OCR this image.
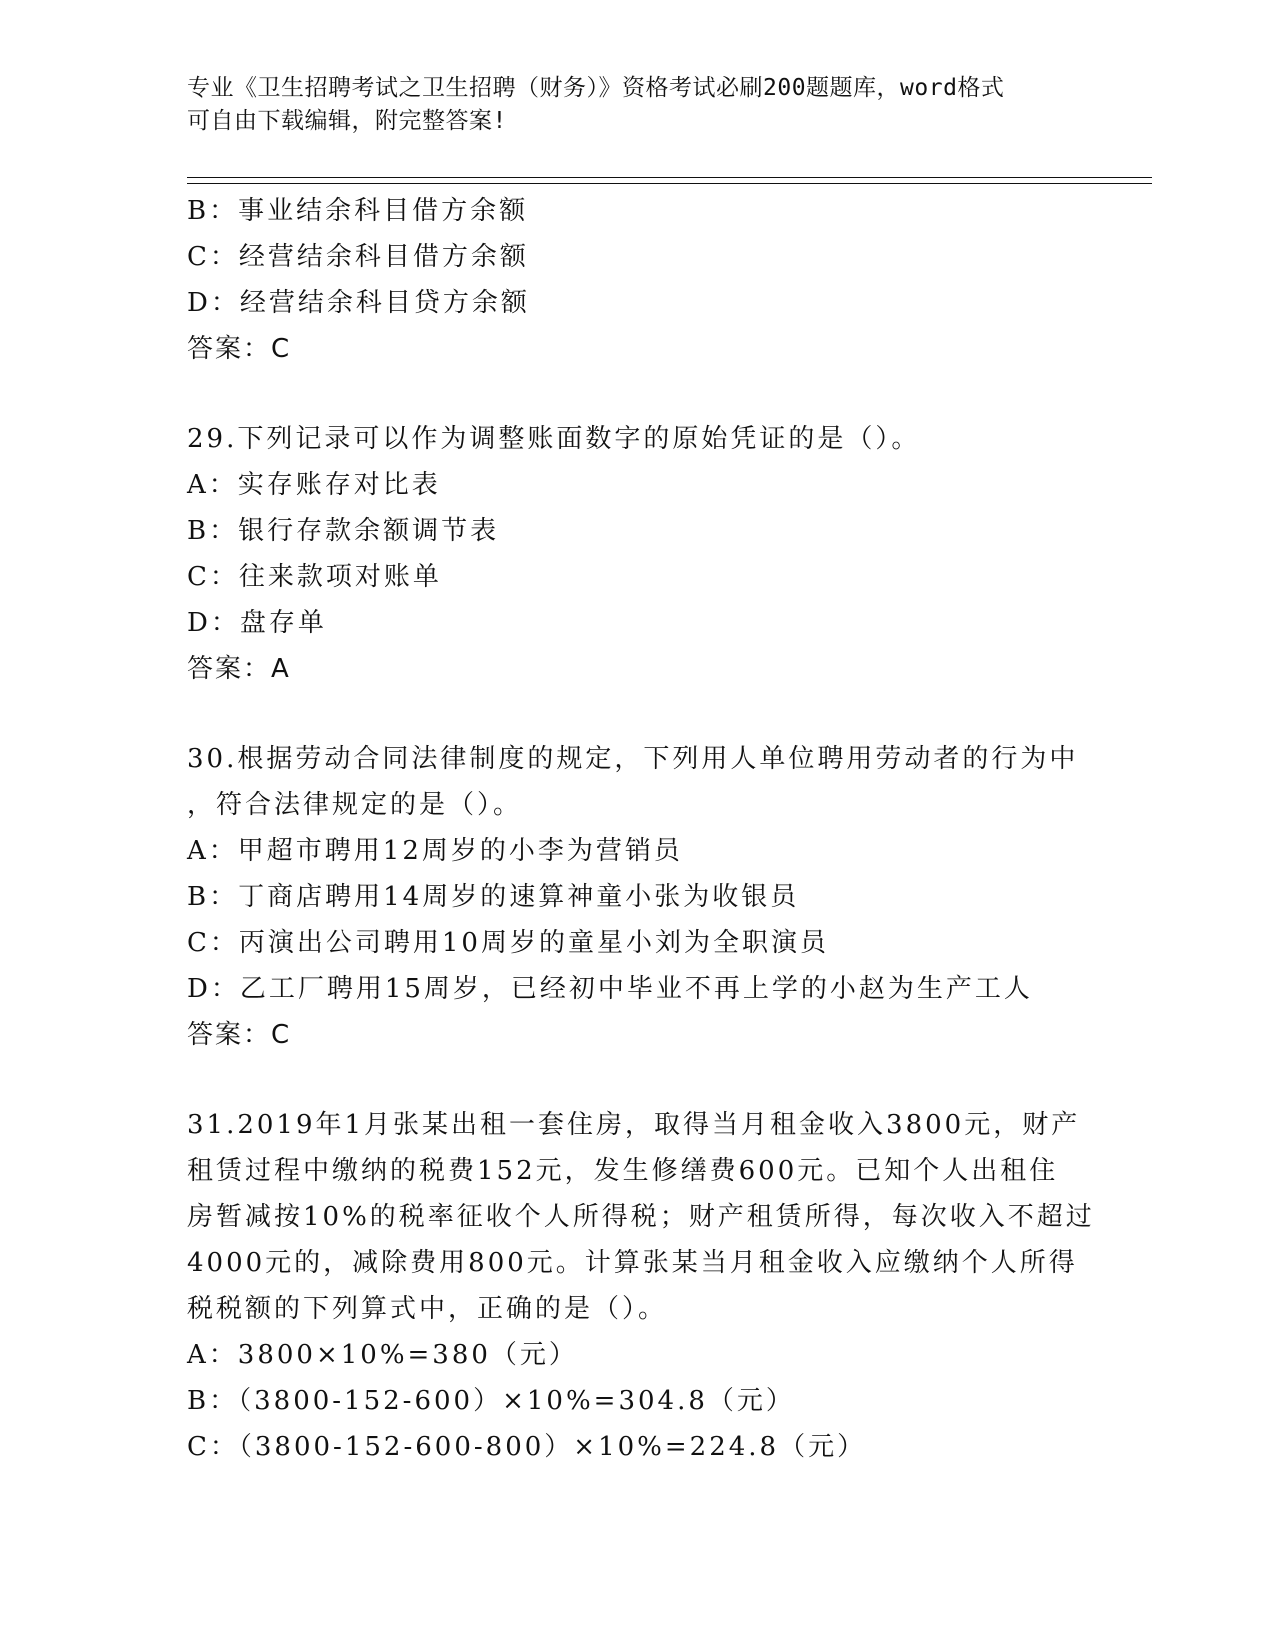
专业《卫生招聘考试之卫生招聘（财务）》资格考试必刷200题题库，word格式
可自由下载编辑，附完整答案!
B：事业结余科目借方余额
C：经营结余科目借方余额
D：经营结余科目贷方余额
答案：C
29.下列记录可以作为调整账面数字的原始凭证的是（）。
A：实存账存对比表
B：银行存款余额调节表
C：往来款项对账单
D：盘存单
答案：A
30.根据劳动合同法律制度的规定，下列用人单位聘用劳动者的行为中
，符合法律规定的是（）。
A：甲超市聘用12周岁的小李为营销员
B：丁商店聘用14周岁的速算神童小张为收银员
C：丙演出公司聘用10周岁的童星小刘为全职演员
D：乙工厂聘用15周岁，已经初中毕业不再上学的小赵为生产工人
答案：C
31.2019年1月张某出租一套住房，取得当月租金收入3800元，财产
租赁过程中缴纳的税费152元，发生修缮费600元。已知个人出租住
房暂减按10%的税率征收个人所得税；财产租赁所得，每次收入不超过
4000元的，减除费用800元。计算张某当月租金收入应缴纳个人所得
税税额的下列算式中，正确的是（）。
A：3800×10%=380（元）
B：（3800-152-600）×10%=304.8（元）
C：（3800-152-600-800）×10%=224.8（元）
